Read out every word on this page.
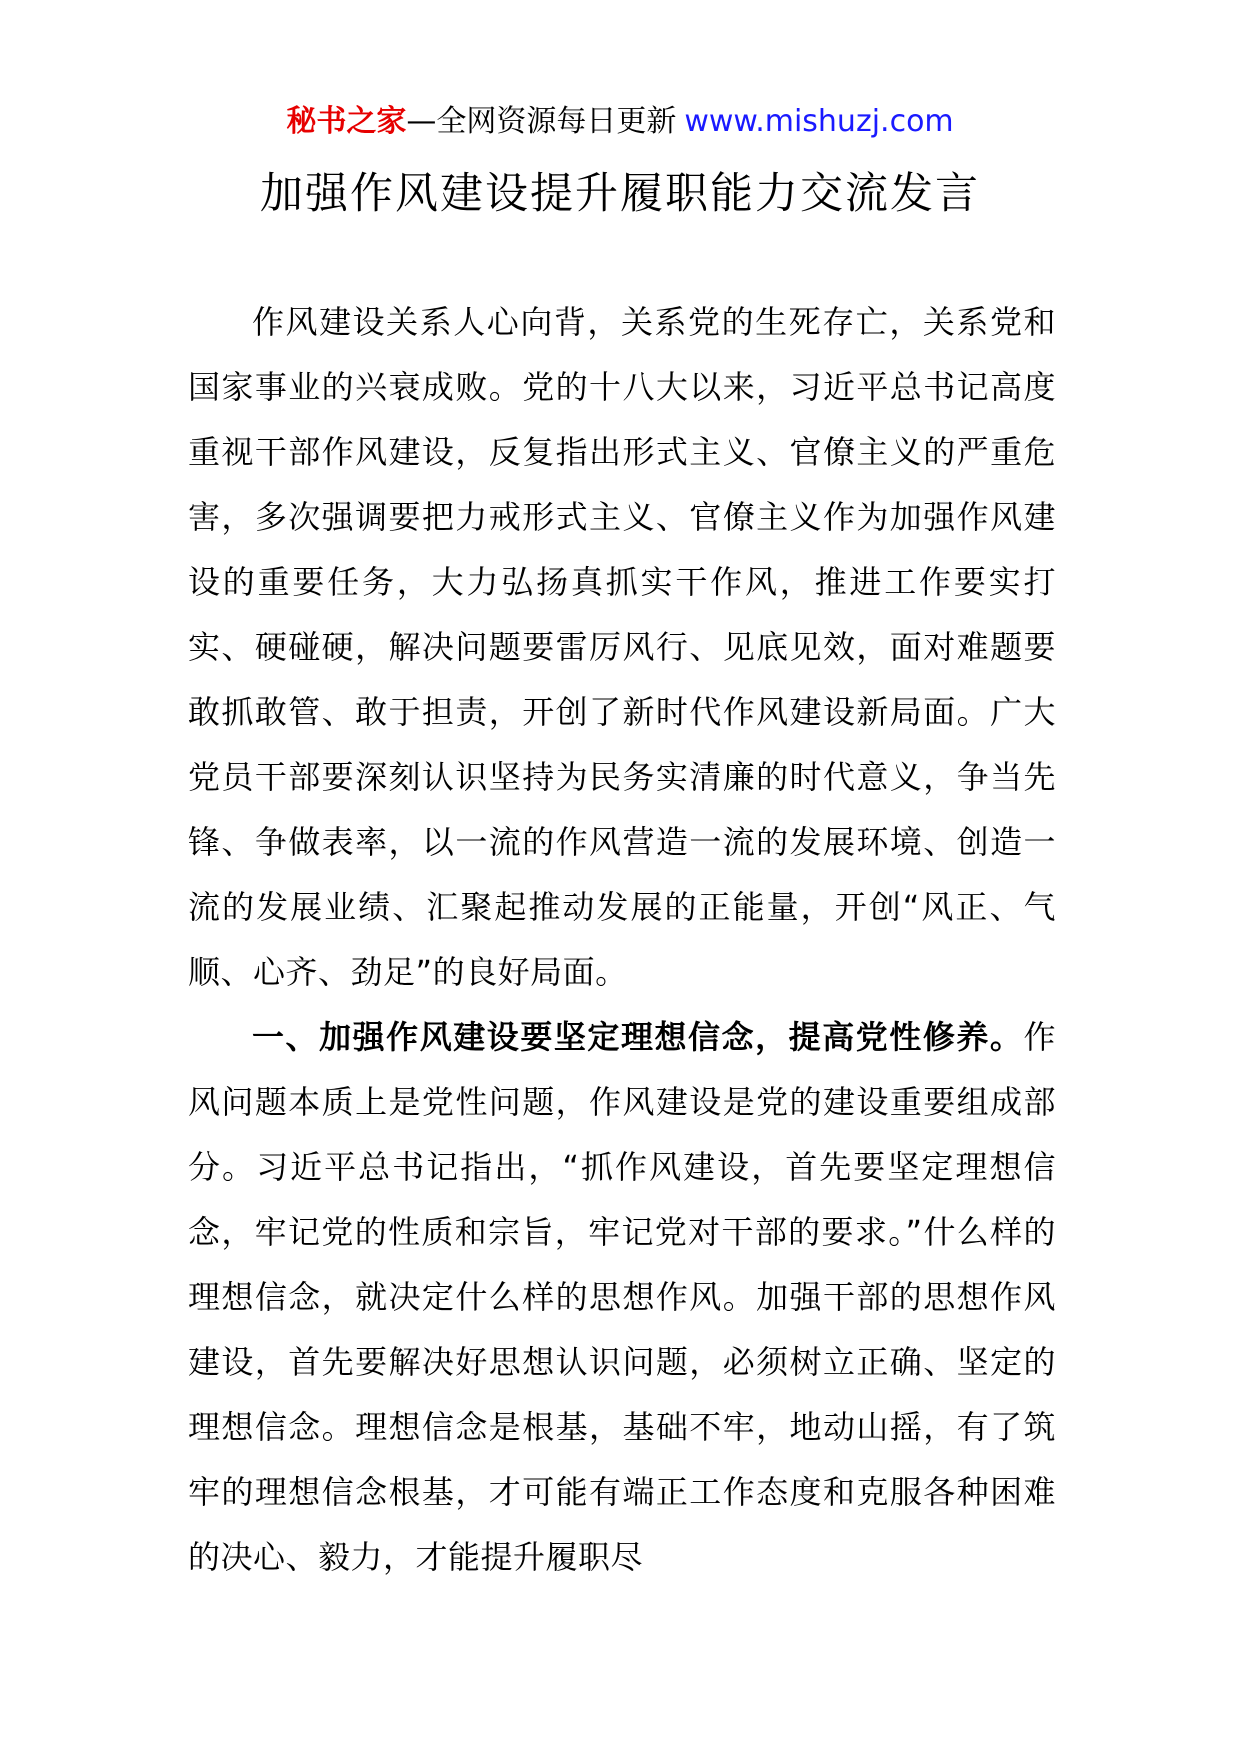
秘书之家—全网资源每日更新 www.mishuzj.com
加强作风建设提升履职能力交流发言

作风建设关系人心向背，关系党的生死存亡，关系党和国家事业的兴衰成败。党的十八大以来，习近平总书记高度重视干部作风建设，反复指出形式主义、官僚主义的严重危害，多次强调要把力戒形式主义、官僚主义作为加强作风建设的重要任务，大力弘扬真抓实干作风，推进工作要实打实、硬碰硬，解决问题要雷厉风行、见底见效，面对难题要敢抓敢管、敢于担责，开创了新时代作风建设新局面。广大党员干部要深刻认识坚持为民务实清廉的时代意义，争当先锋、争做表率，以一流的作风营造一流的发展环境、创造一流的发展业绩、汇聚起推动发展的正能量，开创“风正、气顺、心齐、劲足”的良好局面。

一、加强作风建设要坚定理想信念，提高党性修养。作风问题本质上是党性问题，作风建设是党的建设重要组成部分。习近平总书记指出，“抓作风建设，首先要坚定理想信念，牢记党的性质和宗旨，牢记党对干部的要求。”什么样的理想信念，就决定什么样的思想作风。加强干部的思想作风建设，首先要解决好思想认识问题，必须树立正确、坚定的理想信念。理想信念是根基，基础不牢，地动山摇，有了筑牢的理想信念根基，才可能有端正工作态度和克服各种困难的决心、毅力，才能提升履职尽
